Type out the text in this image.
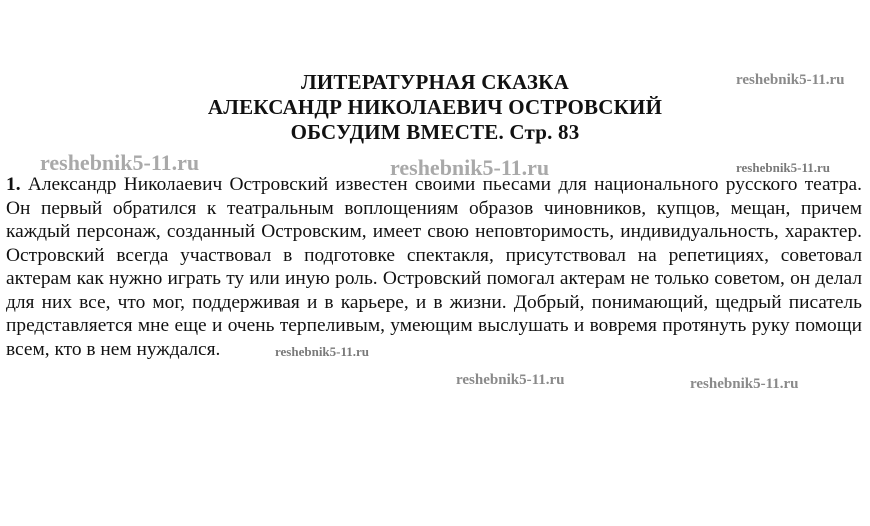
ЛИТЕРАТУРНАЯ СКАЗКА
АЛЕКСАНДР НИКОЛАЕВИЧ ОСТРОВСКИЙ
ОБСУДИМ ВМЕСТЕ. Стр. 83
1. Александр Николаевич Островский известен своими пьесами для национального русского театра. Он первый обратился к театральным воплощениям образов чиновников, купцов, мещан, причем каждый персонаж, созданный Островским, имеет свою неповторимость, индивидуальность, характер. Островский всегда участвовал в подготовке спектакля, присутствовал на репетициях, советовал актерам как нужно играть ту или иную роль. Островский помогал актерам не только советом, он делал для них все, что мог, поддерживая и в карьере, и в жизни. Добрый, понимающий, щедрый писатель представляется мне еще и очень терпеливым, умеющим выслушать и вовремя протянуть руку помощи всем, кто в нем нуждался.
reshebnik5-11.ru
reshebnik5-11.ru	reshebnik5-11.ru	reshebnik5-11.ru
reshebnik5-11.ru
reshebnik5-11.ru	reshebnik5-11.ru
